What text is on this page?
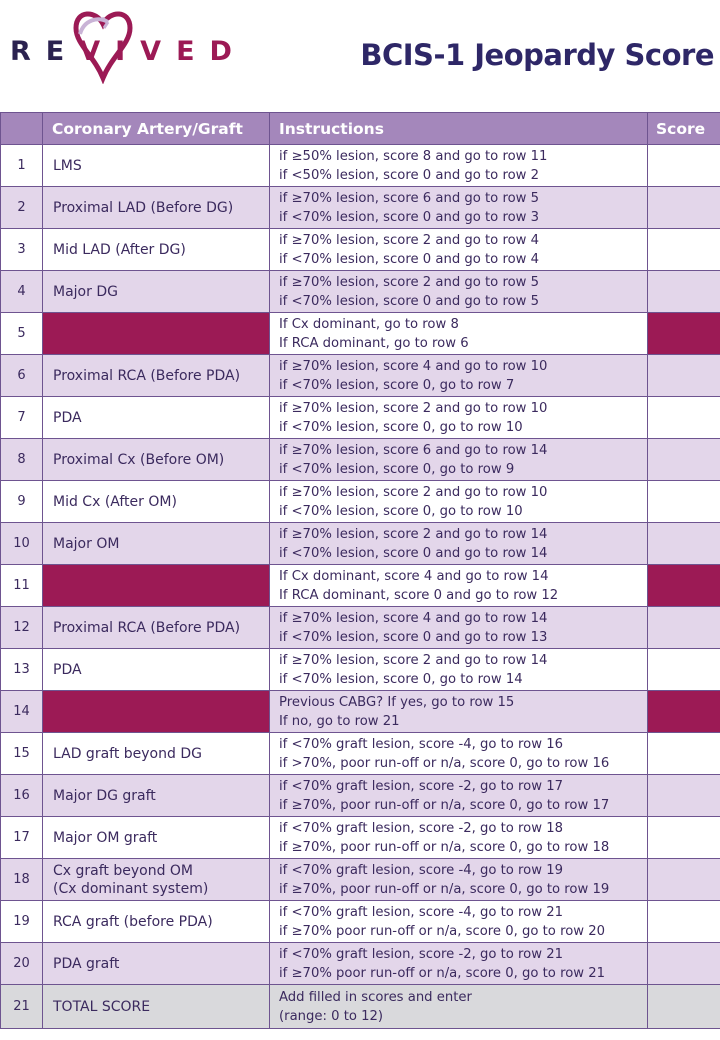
REVIVED	BCIS-1 Jeopardy Score
	Coronary Artery/Graft	Instructions	Score
1	LMS	if ≥50% lesion, score 8 and go to row 11
if <50% lesion, score 0 and go to row 2	

2	Proximal LAD (Before DG)	if ≥70% lesion, score 6 and go to row 5
if <70% lesion, score 0 and go to row 3	

3	Mid LAD (After DG)	if ≥70% lesion, score 2 and go to row 4
if <70% lesion, score 0 and go to row 4	

4	Major DG	if ≥70% lesion, score 2 and go to row 5
if <70% lesion, score 0 and go to row 5	

5		If Cx dominant, go to row 8
If RCA dominant, go to row 6	

6	Proximal RCA (Before PDA)	if ≥70% lesion, score 4 and go to row 10
if <70% lesion, score 0, go to row 7	

7	PDA	if ≥70% lesion, score 2 and go to row 10
if <70% lesion, score 0, go to row 10	

8	Proximal Cx (Before OM)	if ≥70% lesion, score 6 and go to row 14
if <70% lesion, score 0, go to row 9	

9	Mid Cx (After OM)	if ≥70% lesion, score 2 and go to row 10
if <70% lesion, score 0, go to row 10	

10	Major OM	if ≥70% lesion, score 2 and go to row 14
if <70% lesion, score 0 and go to row 14	

11		If Cx dominant, score 4 and go to row 14
If RCA dominant, score 0 and go to row 12	

12	Proximal RCA (Before PDA)	if ≥70% lesion, score 4 and go to row 14
if <70% lesion, score 0 and go to row 13	

13	PDA	if ≥70% lesion, score 2 and go to row 14
if <70% lesion, score 0, go to row 14	

14		Previous CABG? If yes, go to row 15
If no, go to row 21	

15	LAD graft beyond DG	if <70% graft lesion, score -4, go to row 16
if >70%, poor run-off or n/a, score 0, go to row 16	

16	Major DG graft	if <70% graft lesion, score -2, go to row 17
if ≥70%, poor run-off or n/a, score 0, go to row 17	

17	Major OM graft	if <70% graft lesion, score -2, go to row 18
if ≥70%, poor run-off or n/a, score 0, go to row 18	

18	Cx graft beyond OM
(Cx dominant system)	if <70% graft lesion, score -4, go to row 19
if ≥70%, poor run-off or n/a, score 0, go to row 19	

19	RCA graft (before PDA)	if <70% graft lesion, score -4, go to row 21
if ≥70% poor run-off or n/a, score 0, go to row 20	

20	PDA graft	if <70% graft lesion, score -2, go to row 21
if ≥70% poor run-off or n/a, score 0, go to row 21	

21	TOTAL SCORE	Add filled in scores and enter
(range: 0 to 12)	
